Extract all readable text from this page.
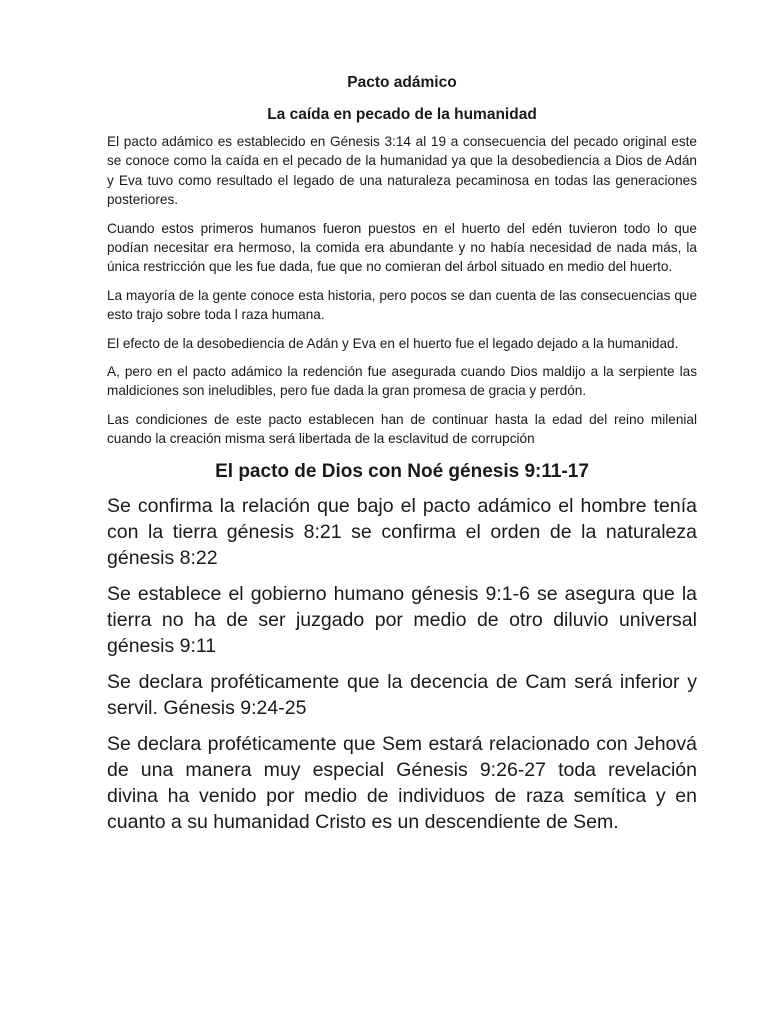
Pacto adámico
La caída en pecado de la humanidad

El pacto adámico es establecido en Génesis 3:14 al 19 a consecuencia del pecado original este se conoce como la caída en el pecado de la humanidad ya que la desobediencia a Dios de Adán y Eva tuvo como resultado el legado de una naturaleza pecaminosa en todas las generaciones posteriores.

Cuando estos primeros humanos fueron puestos en el huerto del edén tuvieron todo lo que podían necesitar era hermoso, la comida era abundante y no había necesidad de nada más, la única restricción que les fue dada, fue que no comieran del árbol situado en medio del huerto.

La mayoría de la gente conoce esta historia, pero pocos se dan cuenta de las consecuencias que esto trajo sobre toda l raza humana.

El efecto de la desobediencia de Adán y Eva en el huerto fue el legado dejado a la humanidad.

A, pero en el pacto adámico la redención fue asegurada cuando Dios maldijo a la serpiente las maldiciones son ineludibles, pero fue dada la gran promesa de gracia y perdón.

Las condiciones de este pacto establecen han de continuar hasta la edad del reino milenial cuando la creación misma será libertada de la esclavitud de corrupción

El pacto de Dios con Noé génesis 9:11-17

Se confirma la relación que bajo el pacto adámico el hombre tenía con la tierra génesis 8:21 se confirma el orden de la naturaleza génesis 8:22

Se establece el gobierno humano génesis 9:1-6 se asegura que la tierra no ha de ser juzgado por medio de otro diluvio universal génesis 9:11

Se declara proféticamente que la decencia de Cam será inferior y servil. Génesis 9:24-25

Se declara proféticamente que Sem estará relacionado con Jehová de una manera muy especial Génesis 9:26-27 toda revelación divina ha venido por medio de individuos de raza semítica y en cuanto a su humanidad Cristo es un descendiente de Sem.
